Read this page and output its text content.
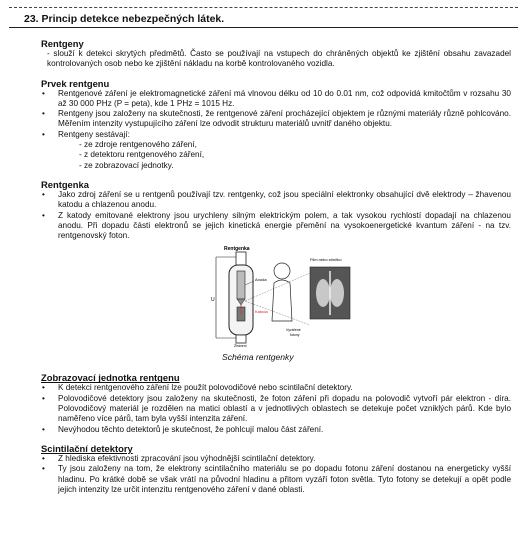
23. Princip detekce nebezpečných látek.
Rentgeny

- slouží k detekci skrytých předmětů. Často se používají na vstupech do chráněných objektů ke zjištění obsahu zavazadel kontrolovaných osob nebo ke zjištění nákladu na korbě kontrolovaného vozidla.

Prvek rentgenu
• Rentgenové záření je elektromagnetické záření má vlnovou délku od 10 do 0.01 nm, což odpovídá kmitočtům v rozsahu 30 až 30 000 PHz (P = peta), kde 1 PHz = 1015 Hz.
• Rentgeny jsou založeny na skutečnosti, že rentgenové záření procházející objektem je různými materiály různě pohlcováno. Měřením intenzity vystupujícího záření lze odvodit strukturu materiálů uvnitř daného objektu.
• Rentgeny sestávají:
- ze zdroje rentgenového záření,
- z detektoru rentgenového záření,
- ze zobrazovací jednotky.
Rentgenka
• Jako zdroj záření se u rentgenů používají tzv. rentgenky, což jsou speciální elektronky obsahující dvě elektrody – žhavenou katodu a chlazenou anodu.
• Z katody emitované elektrony jsou urychleny silným elektrickým polem, a tak vysokou rychlostí dopadají na chlazenou anodu. Při dopadu části elektronů se jejich kinetická energie přemění na vysokoenergetické kvantum záření - na tzv. rentgenovský foton.
Rentgenka
- -
U
Žhavení
Anoda
Katoda
Film nebo stínítko
Vyzářené
fotony
Schéma rentgenky
Zobrazovací jednotka rentgenu
• K detekci rentgenového záření lze použít polovodičové nebo scintilační detektory.
• Polovodičové detektory jsou založeny na skutečnosti, že foton záření při dopadu na polovodič vytvoří pár elektron - díra. Polovodičový materiál je rozdělen na matici oblastí a v jednotlivých oblastech se detekuje počet vzniklých párů. Kde bylo naměřeno více párů, tam byla vyšší intenzita záření.
• Nevýhodou těchto detektorů je skutečnost, že pohlcují malou část záření.
Scintilační detektory
• Z hlediska efektivnosti zpracování jsou výhodnější scintilační detektory.
• Ty jsou založeny na tom, že elektrony scintilačního materiálu se po dopadu fotonu záření dostanou na energeticky vyšší hladinu. Po krátké době se však vrátí na původní hladinu a přitom vyzáří foton světla. Tyto fotony se detekují a opět podle jejich intenzity lze určit intenzitu rentgenového záření v dané oblasti.
